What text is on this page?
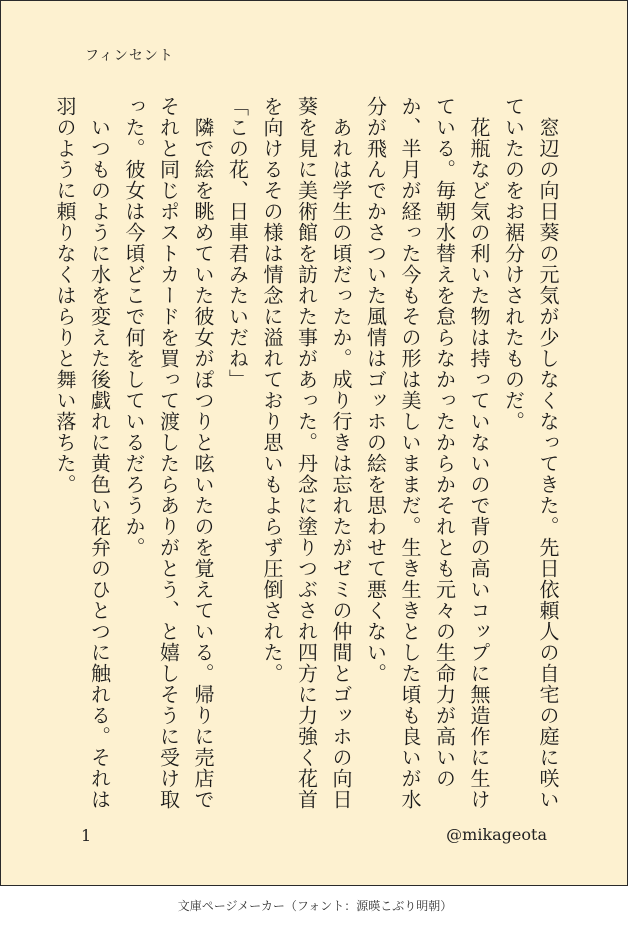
フィンセント

　窓辺の向日葵の元気が少しなくなってきた。先日依頼人の自宅の庭に咲いていたのをお裾分けされたものだ。

　花瓶など気の利いた物は持っていないので背の高いコップに無造作に生けている。毎朝水替えを怠らなかったからかそれとも元々の生命力が高いのか、半月が経った今もその形は美しいままだ。生き生きとした頃も良いが水分が飛んでかさついた風情はゴッホの絵を思わせて悪くない。

　あれは学生の頃だったか。成り行きは忘れたがゼミの仲間とゴッホの向日葵を見に美術館を訪れた事があった。丹念に塗りつぶされ四方に力強く花首を向けるその様は情念に溢れており思いもよらず圧倒された。

「この花、日車君みたいだね」

　隣で絵を眺めていた彼女がぽつりと呟いたのを覚えている。帰りに売店でそれと同じポストカードを買って渡したらありがとう、と嬉しそうに受け取った。彼女は今頃どこで何をしているだろうか。

　いつものように水を変えた後戯れに黄色い花弁のひとつに触れる。それは羽のように頼りなくはらりと舞い落ちた。

1	@mikageota
文庫ページメーカー（フォント：源暎こぶり明朝）
